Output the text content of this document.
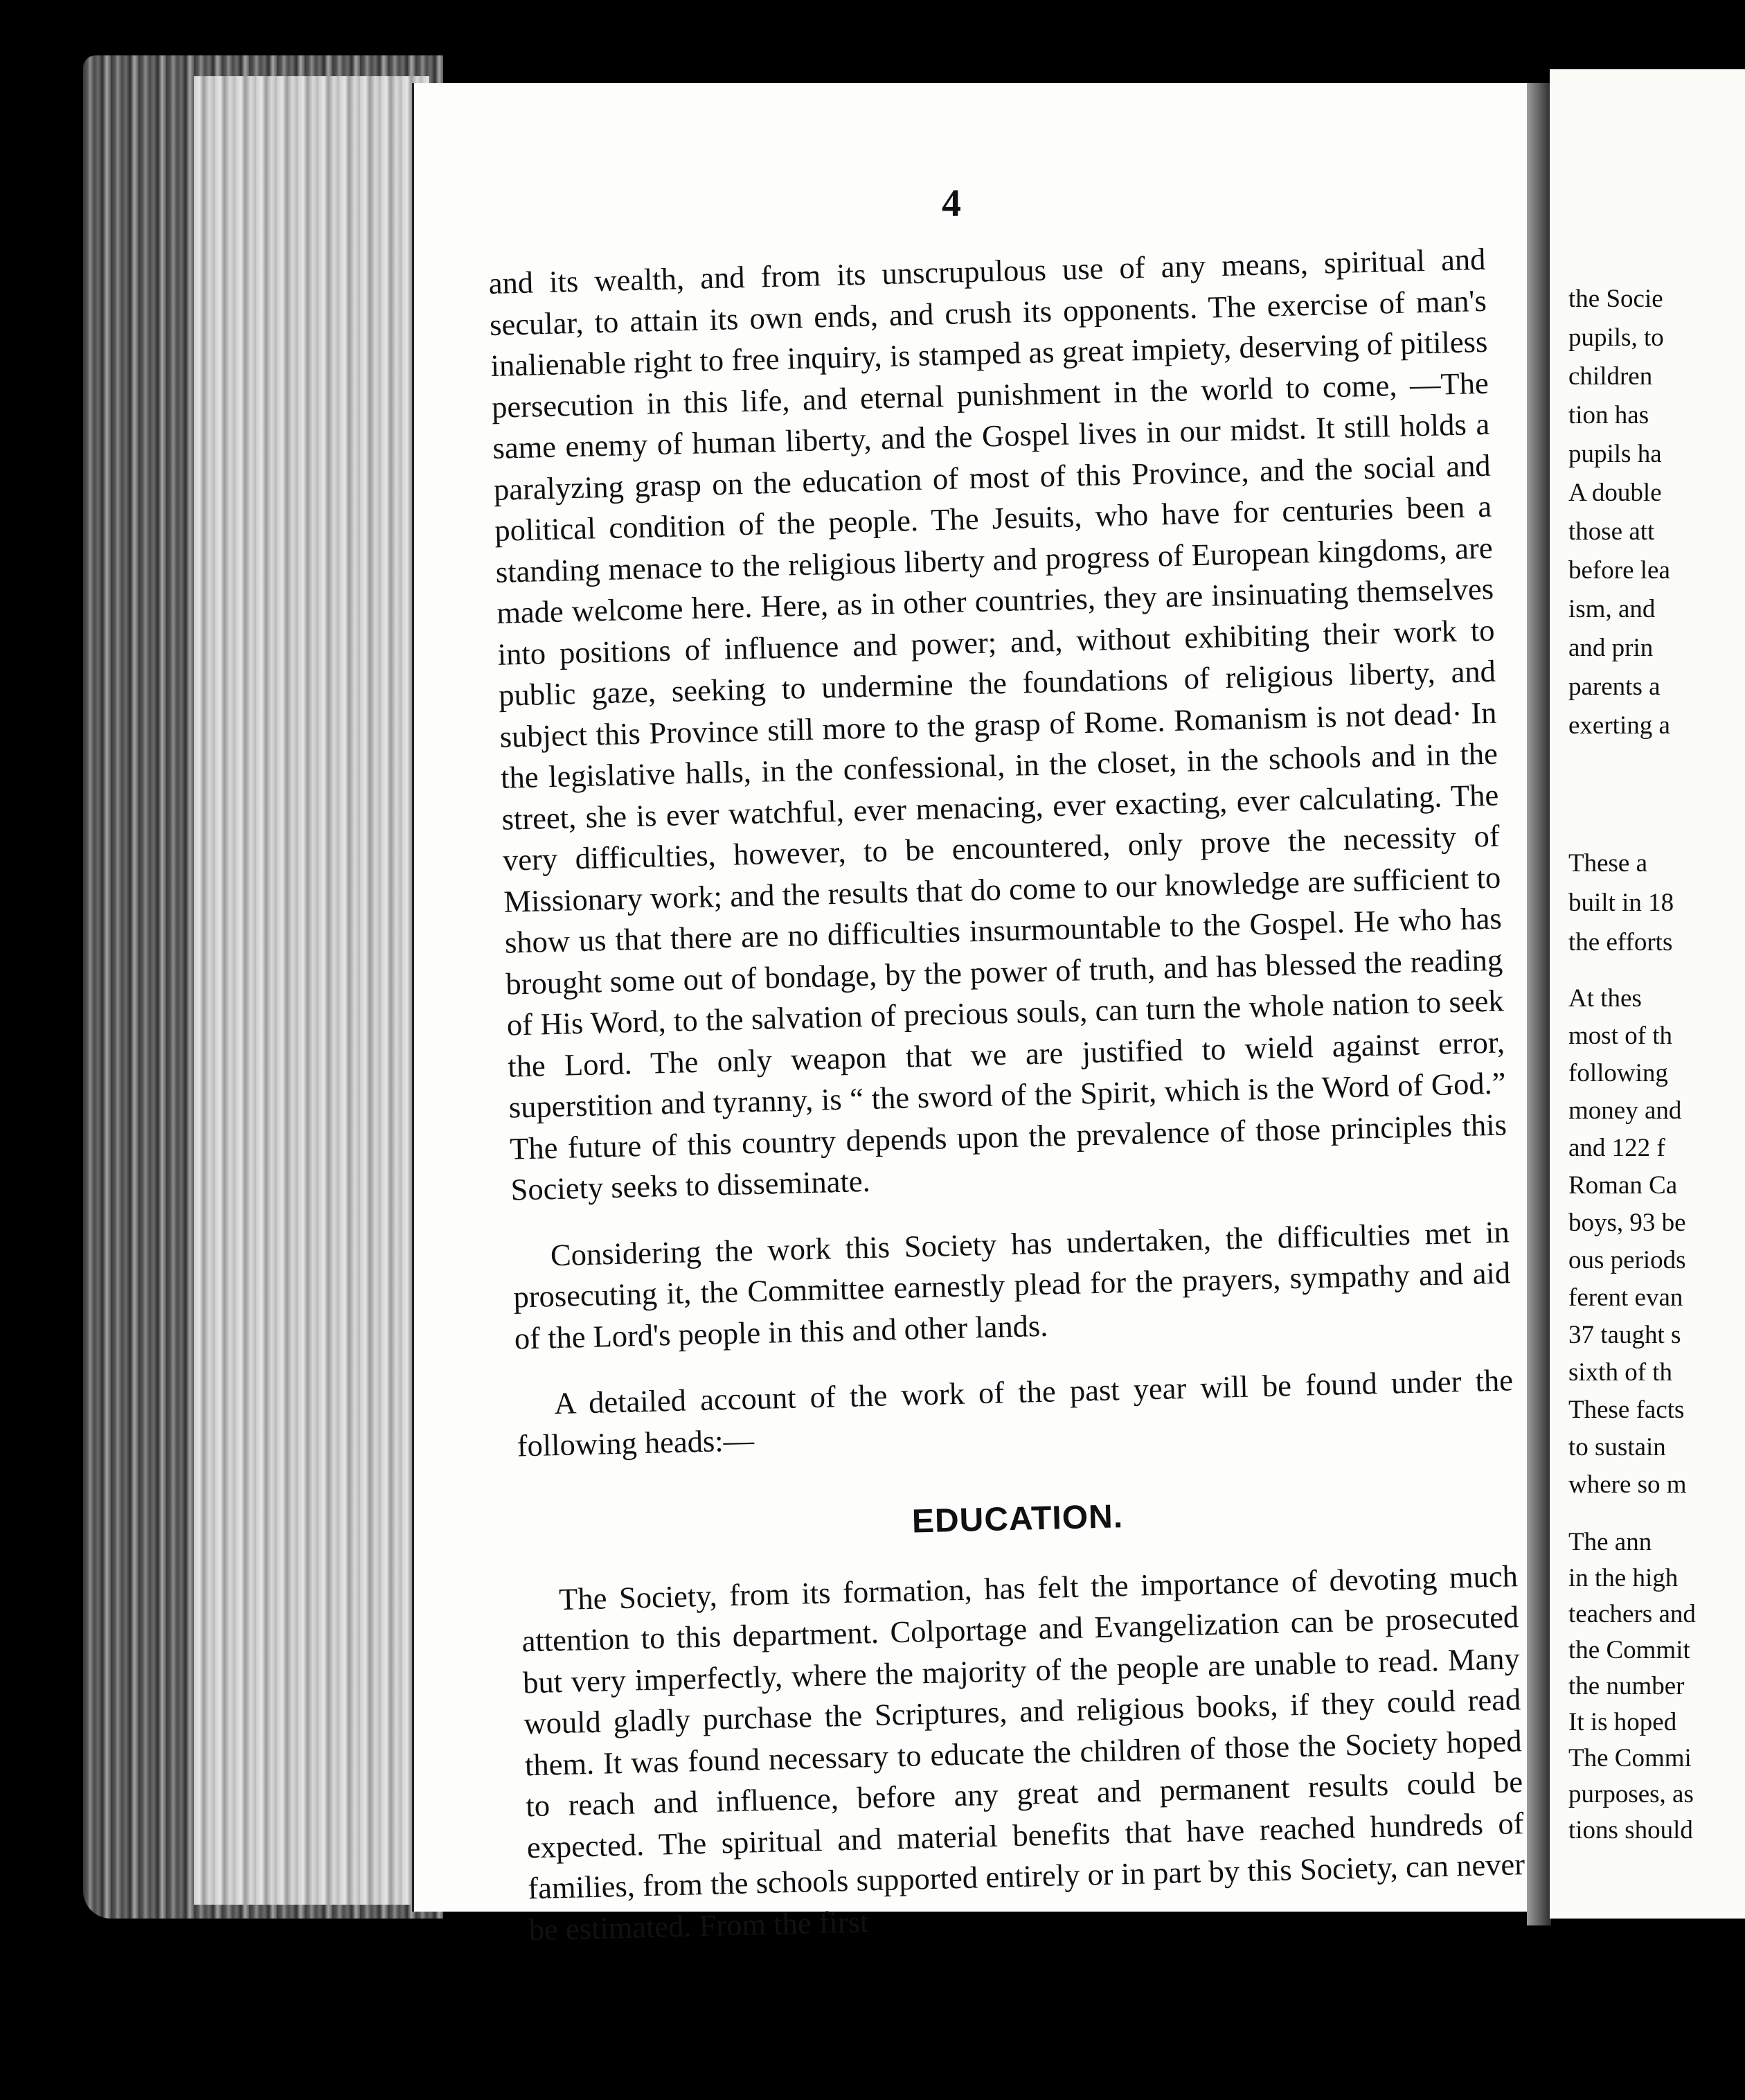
4

and its wealth, and from its unscrupulous use of any means, spiritual and secular, to attain its own ends, and crush its opponents. The exercise of man's inalienable right to free inquiry, is stamped as great impiety, deserving of pitiless persecution in this life, and eternal punishment in the world to come, —The same enemy of human liberty, and the Gospel lives in our midst. It still holds a paralyzing grasp on the education of most of this Province, and the social and political condition of the people. The Jesuits, who have for centuries been a standing menace to the religious liberty and progress of European kingdoms, are made welcome here. Here, as in other countries, they are insinuating themselves into positions of influence and power; and, without exhibiting their work to public gaze, seeking to undermine the foundations of religious liberty, and subject this Province still more to the grasp of Rome. Romanism is not dead· In the legislative halls, in the confessional, in the closet, in the schools and in the street, she is ever watchful, ever menacing, ever exacting, ever calculating. The very difficulties, however, to be encountered, only prove the necessity of Missionary work; and the results that do come to our knowledge are sufficient to show us that there are no difficulties insurmountable to the Gospel. He who has brought some out of bondage, by the power of truth, and has blessed the reading of His Word, to the salvation of precious souls, can turn the whole nation to seek the Lord. The only weapon that we are justified to wield against error, superstition and tyranny, is “ the sword of the Spirit, which is the Word of God.” The future of this country depends upon the prevalence of those principles this Society seeks to disseminate.

Considering the work this Society has undertaken, the difficulties met in prosecuting it, the Committee earnestly plead for the prayers, sympathy and aid of the Lord's people in this and other lands.

A detailed account of the work of the past year will be found under the following heads:—

EDUCATION.

The Society, from its formation, has felt the importance of devoting much attention to this department. Colportage and Evangelization can be prosecuted but very imperfectly, where the majority of the people are unable to read. Many would gladly purchase the Scriptures, and religious books, if they could read them. It was found necessary to educate the children of those the Society hoped to reach and influence, before any great and permanent results could be expected. The spiritual and material benefits that have reached hundreds of families, from the schools supported entirely or in part by this Society, can never be estimated. From the first

the Socie
pupils, to
children
tion has
pupils ha
A double
those att
before lea
ism, and
and prin
parents a
exerting a
These a
built in 18
the efforts
At thes
most of th
following
money and
and 122 f
Roman Ca
boys, 93 be
ous periods
ferent evan
37 taught s
sixth of th
These facts
to sustain
where so m
The ann
in the high
teachers and
the Commit
the number
It is hoped
The Commi
purposes, as
tions should
